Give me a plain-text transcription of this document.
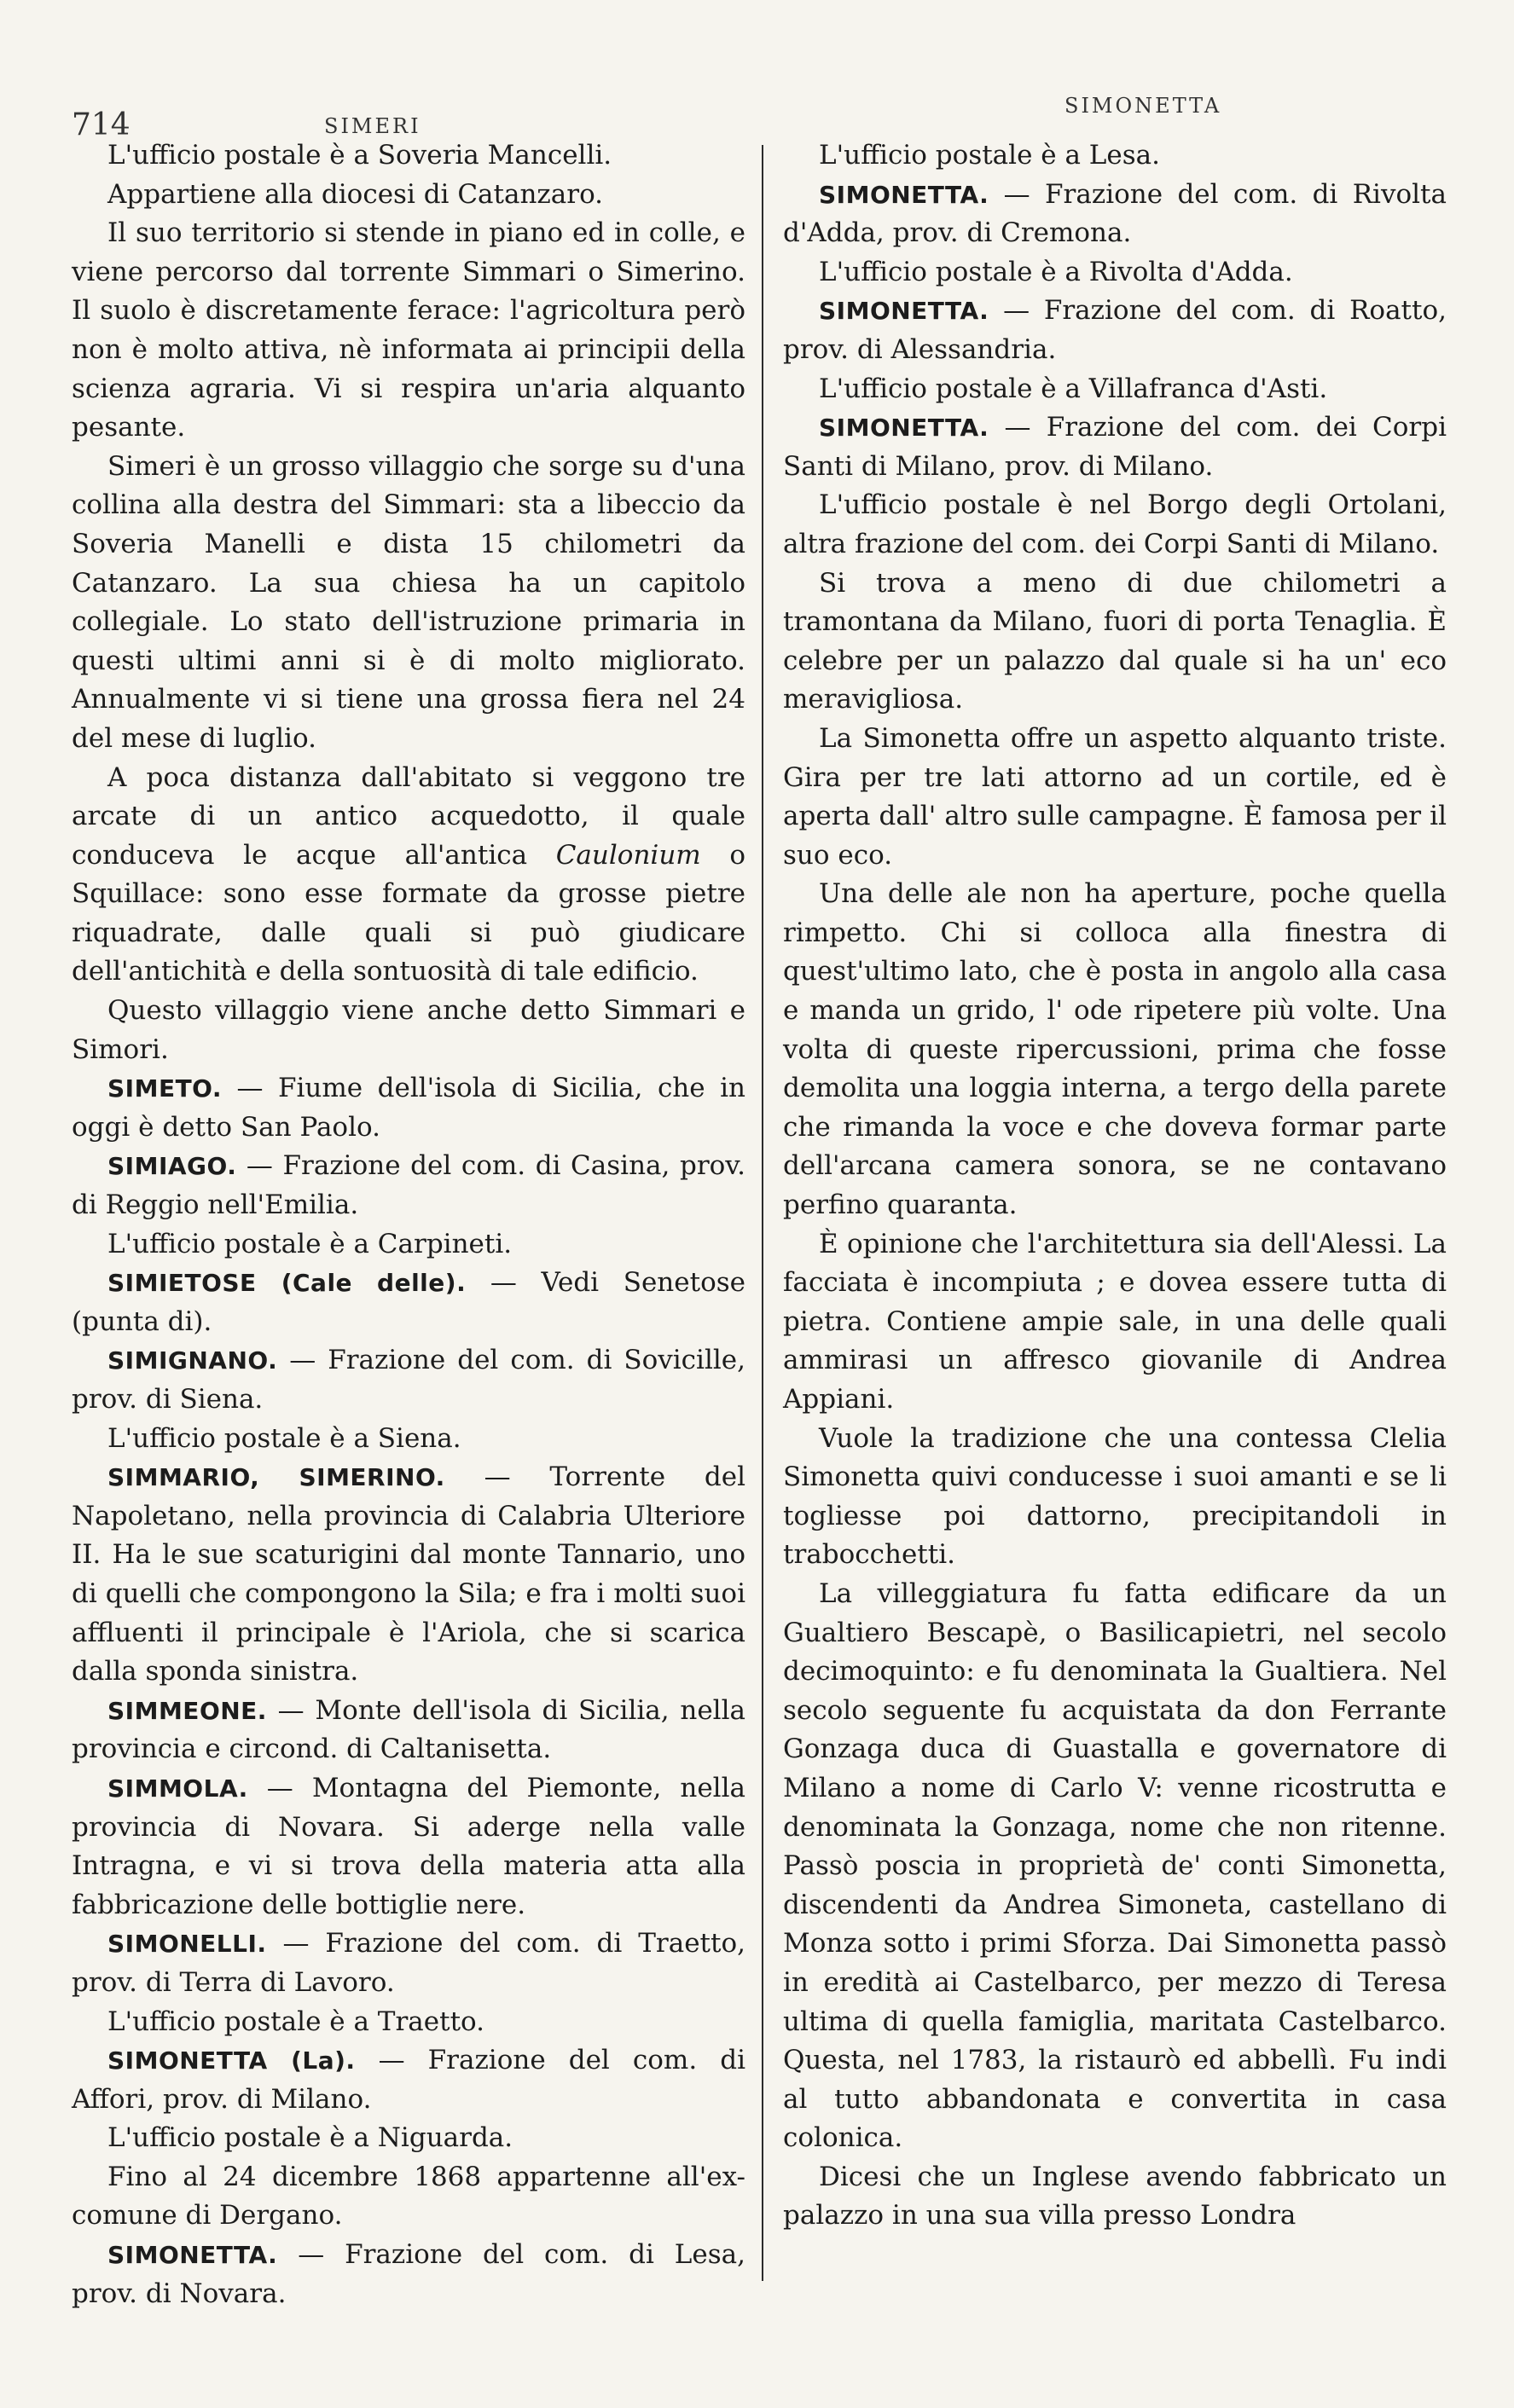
714	SIMERI
SIMONETTA

L'ufficio postale è a Soveria Mancelli.

Appartiene alla diocesi di Catanzaro.

Il suo territorio si stende in piano ed in colle, e viene percorso dal torrente Simmari o Simerino. Il suolo è discretamente ferace: l'agricoltura però non è molto attiva, nè informata ai principii della scienza agraria. Vi si respira un'aria alquanto pesante.

Simeri è un grosso villaggio che sorge su d'una collina alla destra del Simmari: sta a libeccio da Soveria Manelli e dista 15 chilometri da Catanzaro. La sua chiesa ha un capitolo collegiale. Lo stato dell'istruzione primaria in questi ultimi anni si è di molto migliorato. Annualmente vi si tiene una grossa fiera nel 24 del mese di luglio.

A poca distanza dall'abitato si veggono tre arcate di un antico acquedotto, il quale conduceva le acque all'antica Caulonium o Squillace: sono esse formate da grosse pietre riquadrate, dalle quali si può giudicare dell'antichità e della sontuosità di tale edificio.

Questo villaggio viene anche detto Simmari e Simori.

SIMETO. — Fiume dell'isola di Sicilia, che in oggi è detto San Paolo.

SIMIAGO. — Frazione del com. di Casina, prov. di Reggio nell'Emilia.

L'ufficio postale è a Carpineti.

SIMIETOSE (Cale delle). — Vedi Senetose (punta di).

SIMIGNANO. — Frazione del com. di Sovicille, prov. di Siena.

L'ufficio postale è a Siena.

SIMMARIO, SIMERINO. — Torrente del Napoletano, nella provincia di Calabria Ulteriore II. Ha le sue scaturigini dal monte Tannario, uno di quelli che compongono la Sila; e fra i molti suoi affluenti il principale è l'Ariola, che si scarica dalla sponda sinistra.

SIMMEONE. — Monte dell'isola di Sicilia, nella provincia e circond. di Caltanisetta.

SIMMOLA. — Montagna del Piemonte, nella provincia di Novara. Si aderge nella valle Intragna, e vi si trova della materia atta alla fabbricazione delle bottiglie nere.

SIMONELLI. — Frazione del com. di Traetto, prov. di Terra di Lavoro.

L'ufficio postale è a Traetto.

SIMONETTA (La). — Frazione del com. di Affori, prov. di Milano.

L'ufficio postale è a Niguarda.

Fino al 24 dicembre 1868 appartenne all'ex-comune di Dergano.

SIMONETTA. — Frazione del com. di Lesa, prov. di Novara.

L'ufficio postale è a Lesa.

SIMONETTA. — Frazione del com. di Rivolta d'Adda, prov. di Cremona.

L'ufficio postale è a Rivolta d'Adda.

SIMONETTA. — Frazione del com. di Roatto, prov. di Alessandria.

L'ufficio postale è a Villafranca d'Asti.

SIMONETTA. — Frazione del com. dei Corpi Santi di Milano, prov. di Milano.

L'ufficio postale è nel Borgo degli Ortolani, altra frazione del com. dei Corpi Santi di Milano.

Si trova a meno di due chilometri a tramontana da Milano, fuori di porta Tenaglia. È celebre per un palazzo dal quale si ha un' eco meravigliosa.

La Simonetta offre un aspetto alquanto triste. Gira per tre lati attorno ad un cortile, ed è aperta dall' altro sulle campagne. È famosa per il suo eco.

Una delle ale non ha aperture, poche quella rimpetto. Chi si colloca alla finestra di quest'ultimo lato, che è posta in angolo alla casa e manda un grido, l' ode ripetere più volte. Una volta di queste ripercussioni, prima che fosse demolita una loggia interna, a tergo della parete che rimanda la voce e che doveva formar parte dell'arcana camera sonora, se ne contavano perfino quaranta.

È opinione che l'architettura sia dell'Alessi. La facciata è incompiuta ; e dovea essere tutta di pietra. Contiene ampie sale, in una delle quali ammirasi un affresco giovanile di Andrea Appiani.

Vuole la tradizione che una contessa Clelia Simonetta quivi conducesse i suoi amanti e se li togliesse poi dattorno, precipitandoli in trabocchetti.

La villeggiatura fu fatta edificare da un Gualtiero Bescapè, o Basilicapietri, nel secolo decimoquinto: e fu denominata la Gualtiera. Nel secolo seguente fu acquistata da don Ferrante Gonzaga duca di Guastalla e governatore di Milano a nome di Carlo V: venne ricostrutta e denominata la Gonzaga, nome che non ritenne. Passò poscia in proprietà de' conti Simonetta, discendenti da Andrea Simoneta, castellano di Monza sotto i primi Sforza. Dai Simonetta passò in eredità ai Castelbarco, per mezzo di Teresa ultima di quella famiglia, maritata Castelbarco. Questa, nel 1783, la ristaurò ed abbellì. Fu indi al tutto abbandonata e convertita in casa colonica.

Dicesi che un Inglese avendo fabbricato un palazzo in una sua villa presso Londra
